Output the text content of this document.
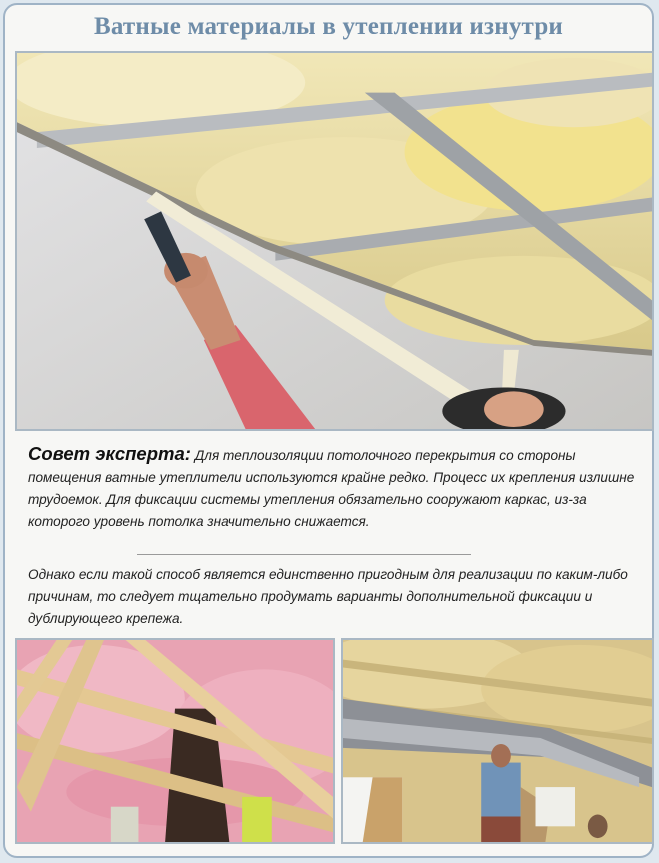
Ватные материалы в утеплении изнутри
Совет эксперта: Для теплоизоляции потолочного перекрытия со стороны помещения ватные утеплители используются крайне редко. Процесс их крепления излишне трудоемок. Для фиксации системы утепления обязательно сооружают каркас, из-за которого уровень потолка значительно снижается.
Однако если такой способ является единственно пригодным для реализации по каким-либо причинам, то следует тщательно продумать варианты дополнительной фиксации и дублирующего крепежа.
